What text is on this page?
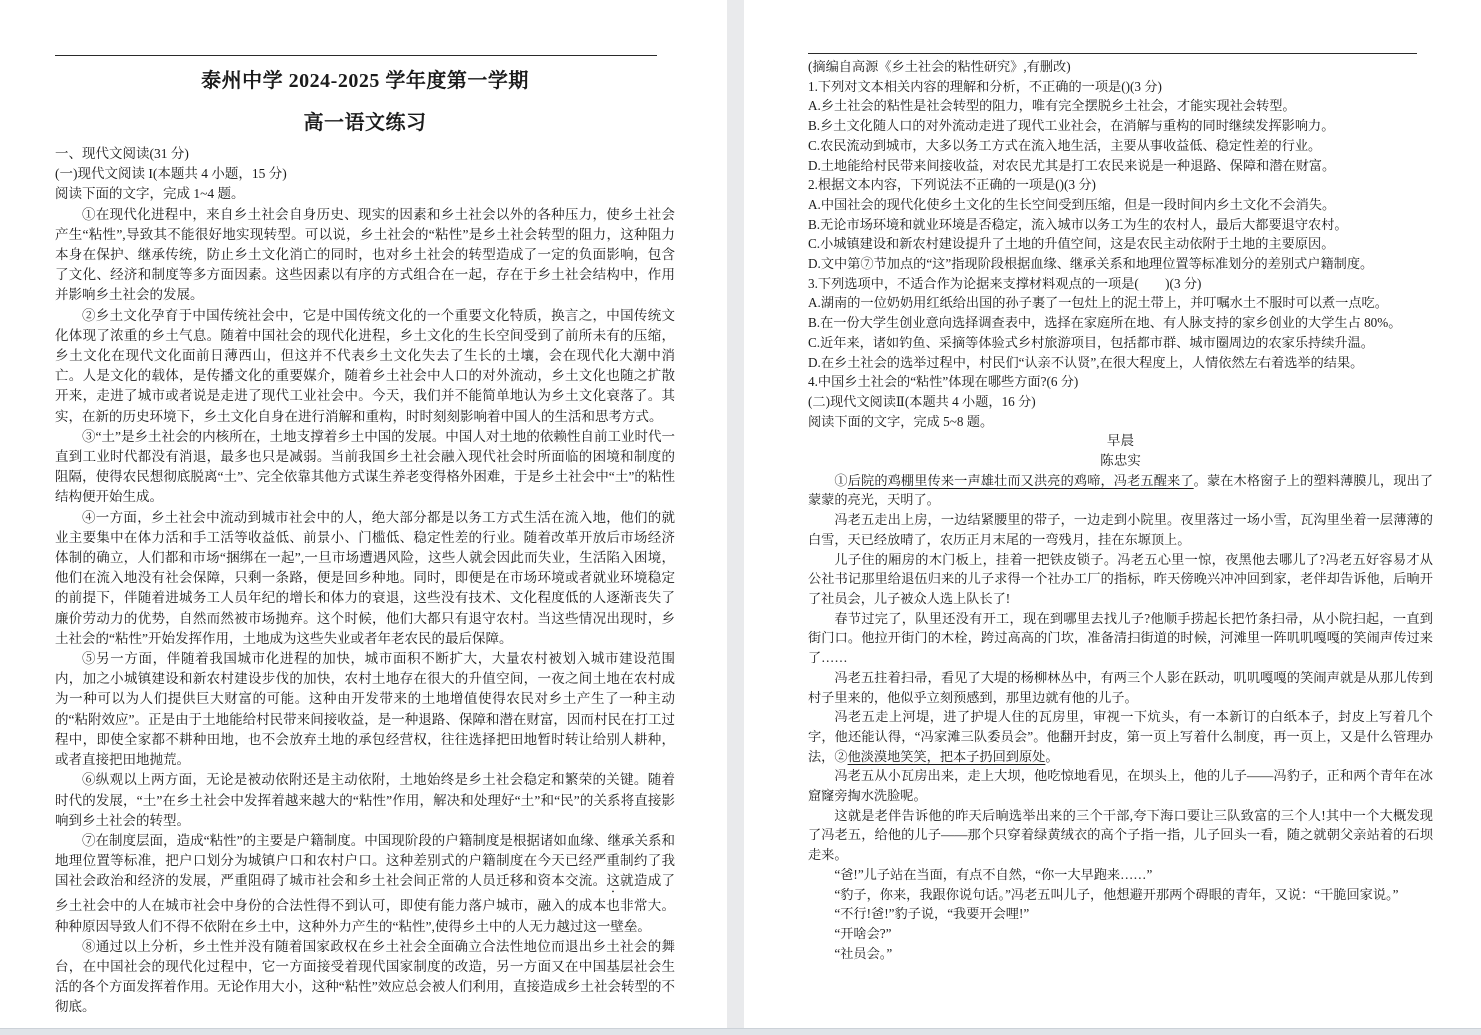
泰州中学 2024-2025 学年度第一学期
高一语文练习

一、现代文阅读(31 分)

(一)现代文阅读 I(本题共 4 小题，15 分)

阅读下面的文字，完成 1~4 题。

①在现代化进程中，来自乡土社会自身历史、现实的因素和乡土社会以外的各种压力，使乡土社会产生“粘性”,导致其不能很好地实现转型。可以说，乡土社会的“粘性”是乡土社会转型的阻力，这种阻力本身在保护、继承传统，防止乡土文化消亡的同时，也对乡土社会的转型造成了一定的负面影响，包含了文化、经济和制度等多方面因素。这些因素以有序的方式组合在一起，存在于乡土社会结构中，作用并影响乡土社会的发展。

②乡土文化孕育于中国传统社会中，它是中国传统文化的一个重要文化特质，换言之，中国传统文化体现了浓重的乡土气息。随着中国社会的现代化进程，乡土文化的生长空间受到了前所未有的压缩，乡土文化在现代文化面前日薄西山，但这并不代表乡土文化失去了生长的土壤，会在现代化大潮中消亡。人是文化的载体，是传播文化的重要媒介，随着乡土社会中人口的对外流动，乡土文化也随之扩散开来，走进了城市或者说是走进了现代工业社会中。今天，我们并不能简单地认为乡土文化衰落了。其实，在新的历史环境下，乡土文化自身在进行消解和重构，时时刻刻影响着中国人的生活和思考方式。

③“土”是乡土社会的内核所在，土地支撑着乡土中国的发展。中国人对土地的依赖性自前工业时代一直到工业时代都没有消退，最多也只是减弱。当前我国乡土社会融入现代社会时所面临的困境和制度的阻隔，使得农民想彻底脱离“土”、完全依靠其他方式谋生养老变得格外困难，于是乡土社会中“土”的粘性结构便开始生成。

④一方面，乡土社会中流动到城市社会中的人，绝大部分都是以务工方式生活在流入地，他们的就业主要集中在体力活和手工活等收益低、前景小、门槛低、稳定性差的行业。随着改革开放后市场经济体制的确立，人们都和市场“捆绑在一起”,一旦市场遭遇风险，这些人就会因此而失业，生活陷入困境，他们在流入地没有社会保障，只剩一条路，便是回乡种地。同时，即便是在市场环境或者就业环境稳定的前提下，伴随着进城务工人员年纪的增长和体力的衰退，这些没有技术、文化程度低的人逐渐丧失了廉价劳动力的优势，自然而然被市场抛弃。这个时候，他们大都只有退守农村。当这些情况出现时，乡土社会的“粘性”开始发挥作用，土地成为这些失业或者年老农民的最后保障。

⑤另一方面，伴随着我国城市化进程的加快，城市面积不断扩大，大量农村被划入城市建设范围内，加之小城镇建设和新农村建设步伐的加快，农村土地存在很大的升值空间，一夜之间土地在农村成为一种可以为人们提供巨大财富的可能。这种由开发带来的土地增值使得农民对乡土产生了一种主动的“粘附效应”。正是由于土地能给村民带来间接收益，是一种退路、保障和潜在财富，因而村民在打工过程中，即使全家都不耕种田地，也不会放弃土地的承包经营权，往往选择把田地暂时转让给别人耕种，或者直接把田地抛荒。

⑥纵观以上两方面，无论是被动依附还是主动依附，土地始终是乡土社会稳定和繁荣的关键。随着时代的发展，“土”在乡土社会中发挥着越来越大的“粘性”作用，解决和处理好“土”和“民”的关系将直接影响到乡土社会的转型。

⑦在制度层面，造成“粘性”的主要是户籍制度。中国现阶段的户籍制度是根据诸如血缘、继承关系和地理位置等标准，把户口划分为城镇户口和农村户口。这种差别式的户籍制度在今天已经严重制约了我国社会政治和经济的发展，严重阻碍了城市社会和乡土社会间正常的人员迁移和资本交流。这就造成了乡土社会中的人在城市社会中身份的合法性得不到认可，即使有能力落户城市，融入的成本也非常大。种种原因导致人们不得不依附在乡土中，这种外力产生的“粘性”,使得乡土中的人无力越过这一壁垒。

⑧通过以上分析，乡土性并没有随着国家政权在乡土社会全面确立合法性地位而退出乡土社会的舞台，在中国社会的现代化过程中，它一方面接受着现代国家制度的改造，另一方面又在中国基层社会生活的各个方面发挥着作用。无论作用大小，这种“粘性”效应总会被人们利用，直接造成乡土社会转型的不彻底。

(摘编自高源《乡土社会的粘性研究》,有删改)

1.下列对文本相关内容的理解和分析，不正确的一项是()(3 分)

A.乡土社会的粘性是社会转型的阻力，唯有完全摆脱乡土社会，才能实现社会转型。

B.乡土文化随人口的对外流动走进了现代工业社会，在消解与重构的同时继续发挥影响力。

C.农民流动到城市，大多以务工方式在流入地生活，主要从事收益低、稳定性差的行业。

D.土地能给村民带来间接收益，对农民尤其是打工农民来说是一种退路、保障和潜在财富。

2.根据文本内容，下列说法不正确的一项是()(3 分)

A.中国社会的现代化使乡土文化的生长空间受到压缩，但是一段时间内乡土文化不会消失。

B.无论市场环境和就业环境是否稳定，流入城市以务工为生的农村人，最后大都要退守农村。

C.小城镇建设和新农村建设提升了土地的升值空间，这是农民主动依附于土地的主要原因。

D.文中第⑦节加点的“这”指现阶段根据血缘、继承关系和地理位置等标准划分的差别式户籍制度。

3.下列选项中，不适合作为论据来支撑材料观点的一项是(　　)(3 分)

A.湖南的一位奶奶用红纸给出国的孙子裹了一包灶上的泥土带上，并叮嘱水土不服时可以煮一点吃。

B.在一份大学生创业意向选择调查表中，选择在家庭所在地、有人脉支持的家乡创业的大学生占 80%。

C.近年来，诸如钓鱼、采摘等体验式乡村旅游项目，包括都市群、城市圈周边的农家乐持续升温。

D.在乡土社会的选举过程中，村民们“认亲不认贤”,在很大程度上，人情依然左右着选举的结果。

4.中国乡土社会的“粘性”体现在哪些方面?(6 分)

(二)现代文阅读Ⅱ(本题共 4 小题，16 分)

阅读下面的文字，完成 5~8 题。

早晨

陈忠实

①后院的鸡棚里传来一声雄壮而又洪亮的鸡啼，冯老五醒来了。蒙在木格窗子上的塑料薄膜儿，现出了蒙蒙的亮光，天明了。

冯老五走出上房，一边结紧腰里的带子，一边走到小院里。夜里落过一场小雪，瓦沟里坐着一层薄薄的白雪，天已经放晴了，农历正月末尾的一弯残月，挂在东塬顶上。

儿子住的厢房的木门板上，挂着一把铁皮锁子。冯老五心里一惊，夜黑他去哪儿了?冯老五好容易才从公社书记那里给退伍归来的儿子求得一个社办工厂的指标，昨天傍晚兴冲冲回到家，老伴却告诉他，后晌开了社员会，儿子被众人选上队长了!

春节过完了，队里还没有开工，现在到哪里去找儿子?他顺手捞起长把竹条扫帚，从小院扫起，一直到街门口。他拉开街门的木栓，跨过高高的门坎，准备清扫街道的时候，河滩里一阵叽叽嘎嘎的笑闹声传过来了……

冯老五拄着扫帚，看见了大堤的杨柳林丛中，有两三个人影在跃动，叽叽嘎嘎的笑闹声就是从那儿传到村子里来的，他似乎立刻预感到，那里边就有他的儿子。

冯老五走上河堤，进了护堤人住的瓦房里，审视一下炕头，有一本新订的白纸本子，封皮上写着几个字，他还能认得，“冯家滩三队委员会”。他翻开封皮，第一页上写着什么制度，再一页上，又是什么管理办法，②他淡漠地笑笑，把本子扔回到原处。

冯老五从小瓦房出来，走上大坝，他吃惊地看见，在坝头上，他的儿子——冯豹子，正和两个青年在冰窟窿旁掏水洗脸呢。

这就是老伴告诉他的昨天后晌选举出来的三个干部,夸下海口要让三队致富的三个人!其中一个大概发现了冯老五，给他的儿子——那个只穿着绿黄绒衣的高个子指一指，儿子回头一看，随之就朝父亲站着的石坝走来。

“爸!”儿子站在当面，有点不自然，“你一大早跑来……”

“豹子，你来，我跟你说句话。”冯老五叫儿子，他想避开那两个碍眼的青年，又说：“干脆回家说。”

“不行!爸!”豹子说，“我要开会哩!”

“开啥会?”

“社员会。”
